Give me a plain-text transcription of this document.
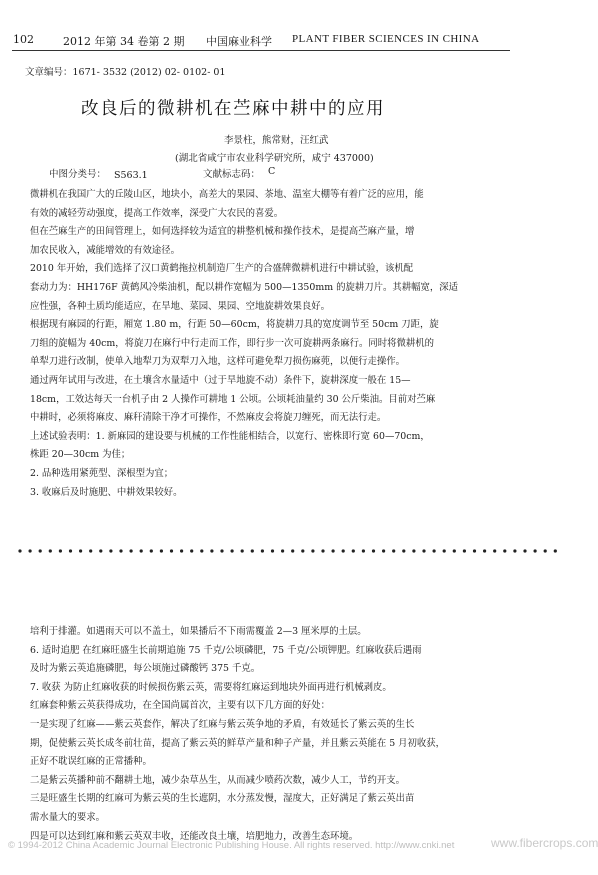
102	2012 年第 34 卷第 2 期 中国麻业科学 PLANT FIBER SCIENCES IN CHINA
文章编号：1671- 3532 (2012) 02- 0102- 01
改良后的微耕机在苎麻中耕中的应用
李景柱，熊常财，汪红武
(湖北省咸宁市农业科学研究所，咸宁 437000)
中图分类号： S563.1	文献标志码： C

微耕机在我国广大的丘陵山区，地块小，高差大的果园、茶地、温室大棚等有着广泛的应用，能

有效的减轻劳动强度，提高工作效率，深受广大农民的喜爱。

但在苎麻生产的田间管理上，如何选择较为适宜的耕整机械和操作技术，是提高苎麻产量，增

加农民收入，减能增效的有效途径。

2010 年开始，我们选择了汉口黄鹤拖拉机制造厂生产的合盛牌微耕机进行中耕试验，该机配

套动力为：HH176F 黄鹤风冷柴油机，配以耕作宽幅为 500—1350mm 的旋耕刀片。其耕幅宽，深适

应性强，各种土质均能适应，在旱地、菜园、果园、空地旋耕效果良好。

根据现有麻园的行距，厢宽 1.80 m，行距 50—60cm，将旋耕刀具的宽度调节至 50cm 刀距，旋

刀组的旋幅为 40cm，将旋刀在麻行中行走而工作，即行步一次可旋耕两条麻行。同时将微耕机的

单犁刀进行改制，使单入地犁刀为双犁刀入地，这样可避免犁刀损伤麻蔸，以便行走操作。

通过两年试用与改进，在土壤含水量适中（过于旱地旋不动）条件下，旋耕深度一般在 15—

18cm，工效达每天一台机子由 2 人操作可耕地 1 公顷。公顷耗油量约 30 公斤柴油。目前对苎麻

中耕时，必须将麻皮、麻秆清除干净才可操作，不然麻皮会将旋刀缠死，而无法行走。

上述试验表明：1. 新麻园的建设要与机械的工作性能相结合，以宽行、密株即行宽 60—70cm，

株距 20—30cm 为佳；

2. 品种选用紧蔸型、深根型为宜；

3. 收麻后及时施肥、中耕效果较好。

培利于排灌。如遇雨天可以不盖土，如果播后不下雨需覆盖 2—3 厘米厚的土层。

6. 适时追肥 在红麻旺盛生长前期追施 75 千克/公顷磷肥，75 千克/公顷钾肥。红麻收获后遇雨

及时为紫云英追施磷肥，每公顷施过磷酸钙 375 千克。

7. 收获 为防止红麻收获的时候损伤紫云英，需要将红麻运到地块外面再进行机械剥皮。

红麻套种紫云英获得成功，在全国尚属首次，主要有以下几方面的好处：

一是实现了红麻——紫云英套作，解决了红麻与紫云英争地的矛盾，有效延长了紫云英的生长

期，促使紫云英长成冬前壮苗，提高了紫云英的鲜草产量和种子产量，并且紫云英能在 5 月初收获，

正好不耽误红麻的正常播种。

二是紫云英播种前不翻耕土地，减少杂草丛生，从而减少喷药次数，减少人工，节约开支。

三是旺盛生长期的红麻可为紫云英的生长遮阴，水分蒸发慢，湿度大，正好满足了紫云英出苗

需水量大的要求。

四是可以达到红麻和紫云英双丰收，还能改良土壤，培肥地力，改善生态环境。

© 1994-2012 China Academic Journal Electronic Publishing House. All rights reserved. http://www.cnki.net	www.fibercrops.com
